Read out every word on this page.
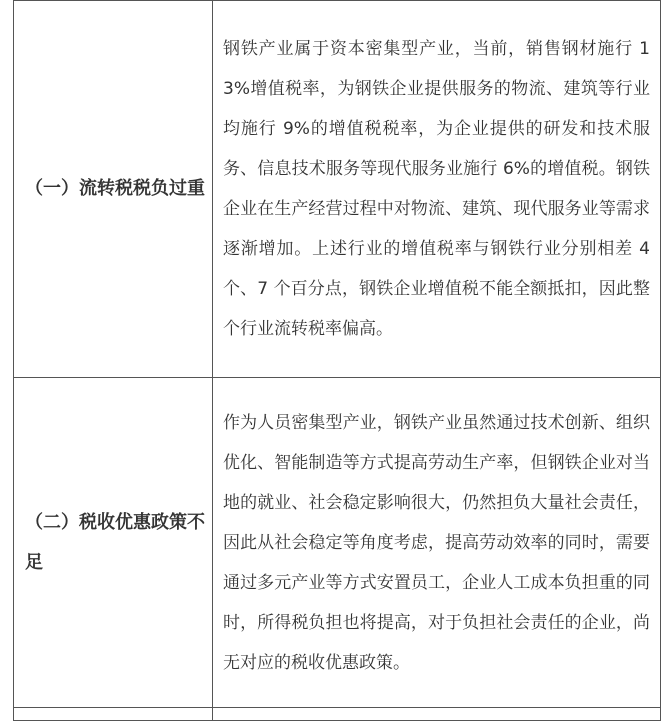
（一）流转税税负过重	钢铁产业属于资本密集型产业，当前，销售钢材施行 13%增值税率，为钢铁企业提供服务的物流、建筑等行业均施行 9%的增值税税率，为企业提供的研发和技术服务、信息技术服务等现代服务业施行 6%的增值税。钢铁企业在生产经营过程中对物流、建筑、现代服务业等需求逐渐增加。上述行业的增值税率与钢铁行业分别相差 4 个、7 个百分点，钢铁企业增值税不能全额抵扣，因此整个行业流转税率偏高。

（二）税收优惠政策不足	作为人员密集型产业，钢铁产业虽然通过技术创新、组织优化、智能制造等方式提高劳动生产率，但钢铁企业对当地的就业、社会稳定影响很大，仍然担负大量社会责任，因此从社会稳定等角度考虑，提高劳动效率的同时，需要通过多元产业等方式安置员工，企业人工成本负担重的同时，所得税负担也将提高，对于负担社会责任的企业，尚无对应的税收优惠政策。
